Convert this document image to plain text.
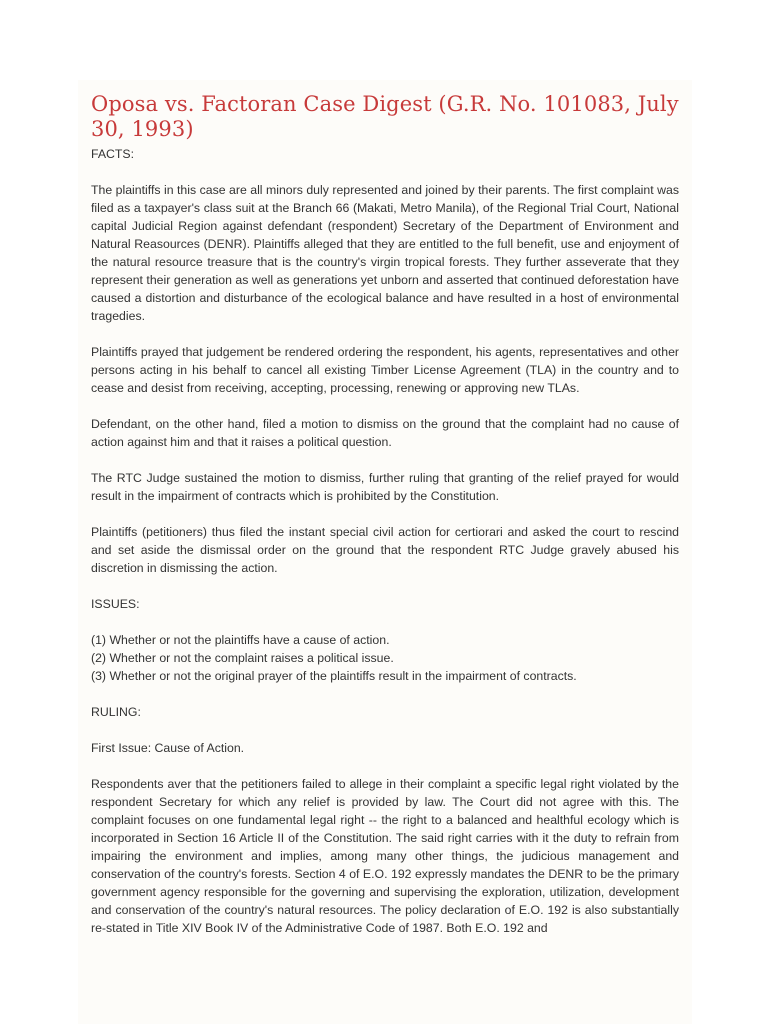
Oposa vs. Factoran Case Digest (G.R. No. 101083, July 30, 1993)

FACTS:

The plaintiffs in this case are all minors duly represented and joined by their parents. The first complaint was filed as a taxpayer's class suit at the Branch 66 (Makati, Metro Manila), of the Regional Trial Court, National capital Judicial Region against defendant (respondent) Secretary of the Department of Environment and Natural Reasources (DENR). Plaintiffs alleged that they are entitled to the full benefit, use and enjoyment of the natural resource treasure that is the country's virgin tropical forests. They further asseverate that they represent their generation as well as generations yet unborn and asserted that continued deforestation have caused a distortion and disturbance of the ecological balance and have resulted in a host of environmental tragedies.

Plaintiffs prayed that judgement be rendered ordering the respondent, his agents, representatives and other persons acting in his behalf to cancel all existing Timber License Agreement (TLA) in the country and to cease and desist from receiving, accepting, processing, renewing or approving new TLAs.

Defendant, on the other hand, filed a motion to dismiss on the ground that the complaint had no cause of action against him and that it raises a political question.

The RTC Judge sustained the motion to dismiss, further ruling that granting of the relief prayed for would result in the impairment of contracts which is prohibited by the Constitution.

Plaintiffs (petitioners) thus filed the instant special civil action for certiorari and asked the court to rescind and set aside the dismissal order on the ground that the respondent RTC Judge gravely abused his discretion in dismissing the action.

ISSUES:

(1) Whether or not the plaintiffs have a cause of action.

(2) Whether or not the complaint raises a political issue.

(3) Whether or not the original prayer of the plaintiffs result in the impairment of contracts.

RULING:

First Issue: Cause of Action.

Respondents aver that the petitioners failed to allege in their complaint a specific legal right violated by the respondent Secretary for which any relief is provided by law. The Court did not agree with this. The complaint focuses on one fundamental legal right -- the right to a balanced and healthful ecology which is incorporated in Section 16 Article II of the Constitution. The said right carries with it the duty to refrain from impairing the environment and implies, among many other things, the judicious management and conservation of the country's forests. Section 4 of E.O. 192 expressly mandates the DENR to be the primary government agency responsible for the governing and supervising the exploration, utilization, development and conservation of the country's natural resources. The policy declaration of E.O. 192 is also substantially re-stated in Title XIV Book IV of the Administrative Code of 1987. Both E.O. 192 and
